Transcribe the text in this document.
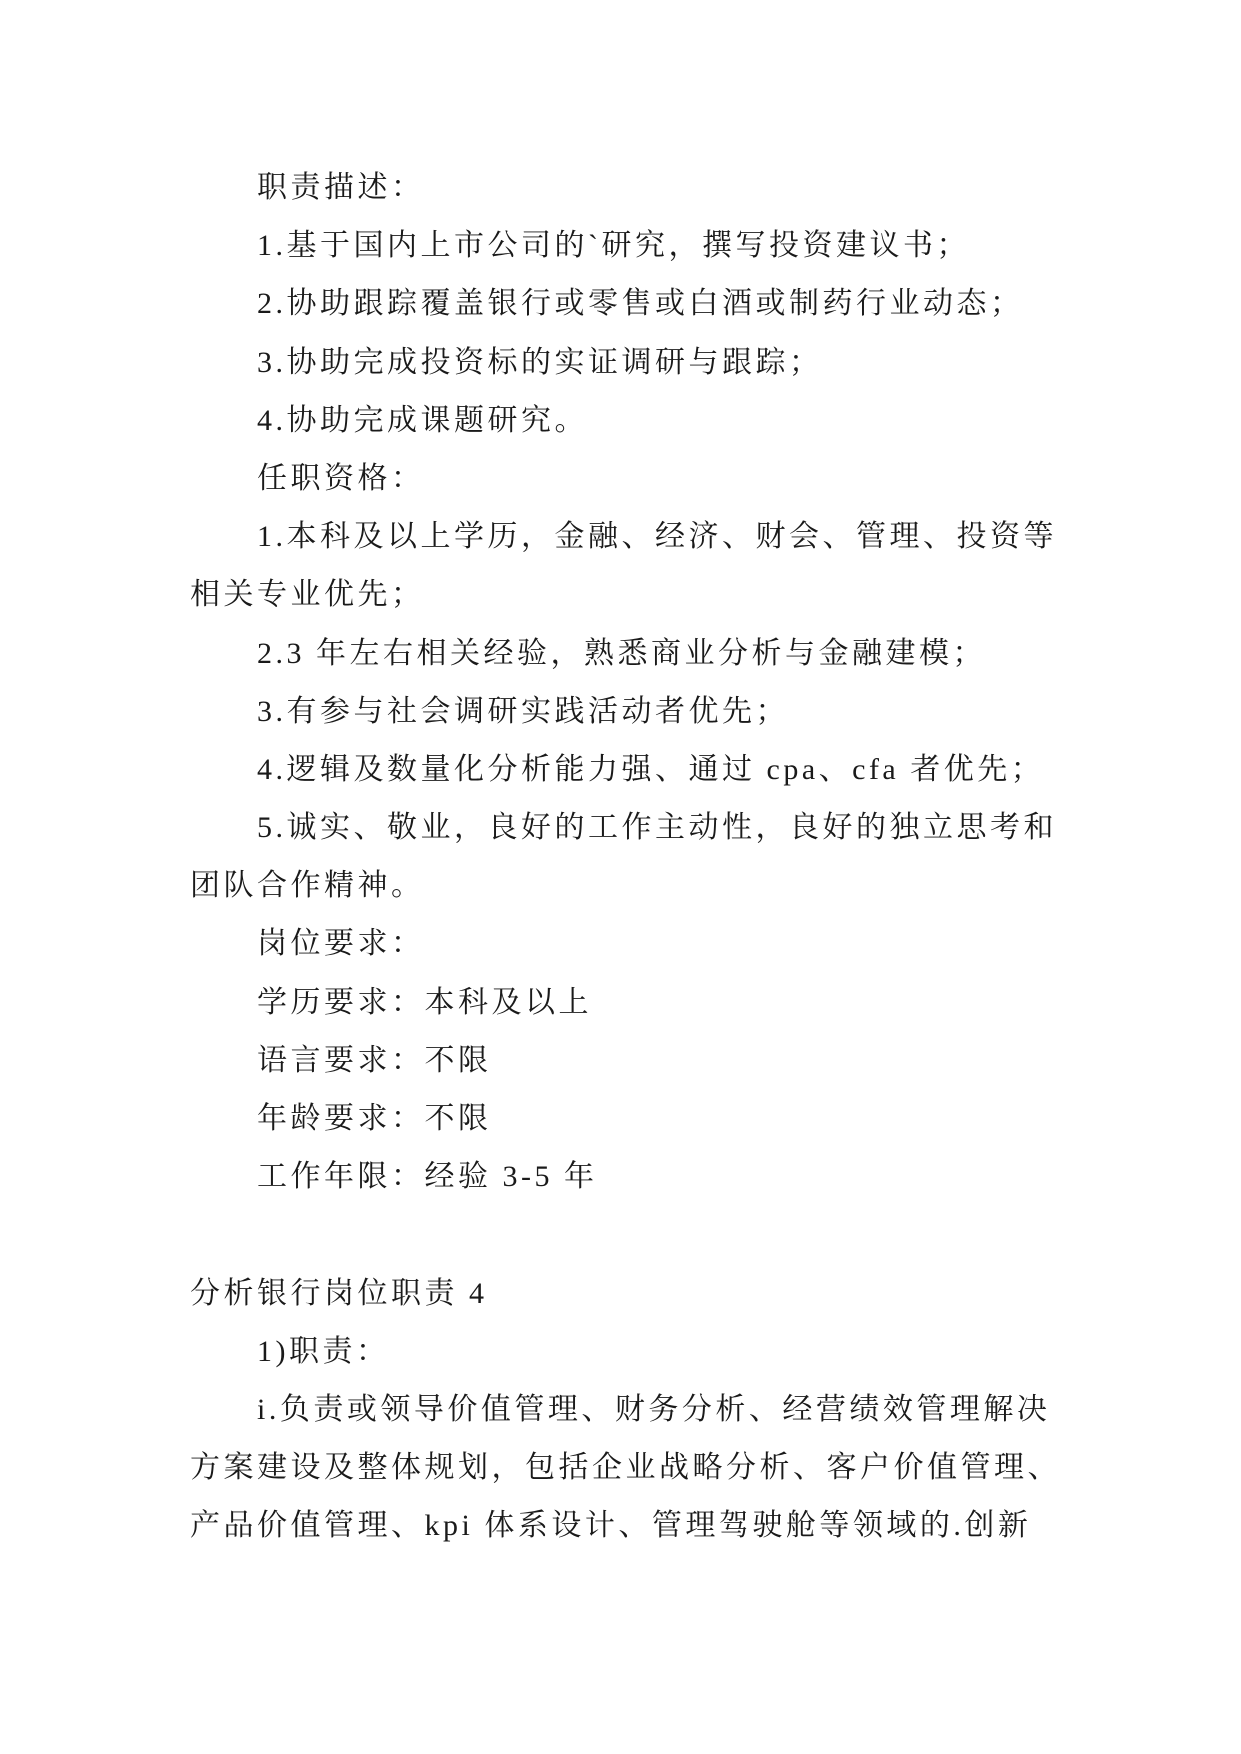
职责描述：
1.基于国内上市公司的`研究，撰写投资建议书；
2.协助跟踪覆盖银行或零售或白酒或制药行业动态；
3.协助完成投资标的实证调研与跟踪；
4.协助完成课题研究。
任职资格：
1.本科及以上学历，金融、经济、财会、管理、投资等
相关专业优先；
2.3 年左右相关经验，熟悉商业分析与金融建模；
3.有参与社会调研实践活动者优先；
4.逻辑及数量化分析能力强、通过 cpa、cfa 者优先；
5.诚实、敬业，良好的工作主动性，良好的独立思考和
团队合作精神。
岗位要求：
学历要求：本科及以上
语言要求：不限
年龄要求：不限
工作年限：经验 3-5 年
分析银行岗位职责 4
1)职责：
i.负责或领导价值管理、财务分析、经营绩效管理解决
方案建设及整体规划，包括企业战略分析、客户价值管理、
产品价值管理、kpi 体系设计、管理驾驶舱等领域的.创新
